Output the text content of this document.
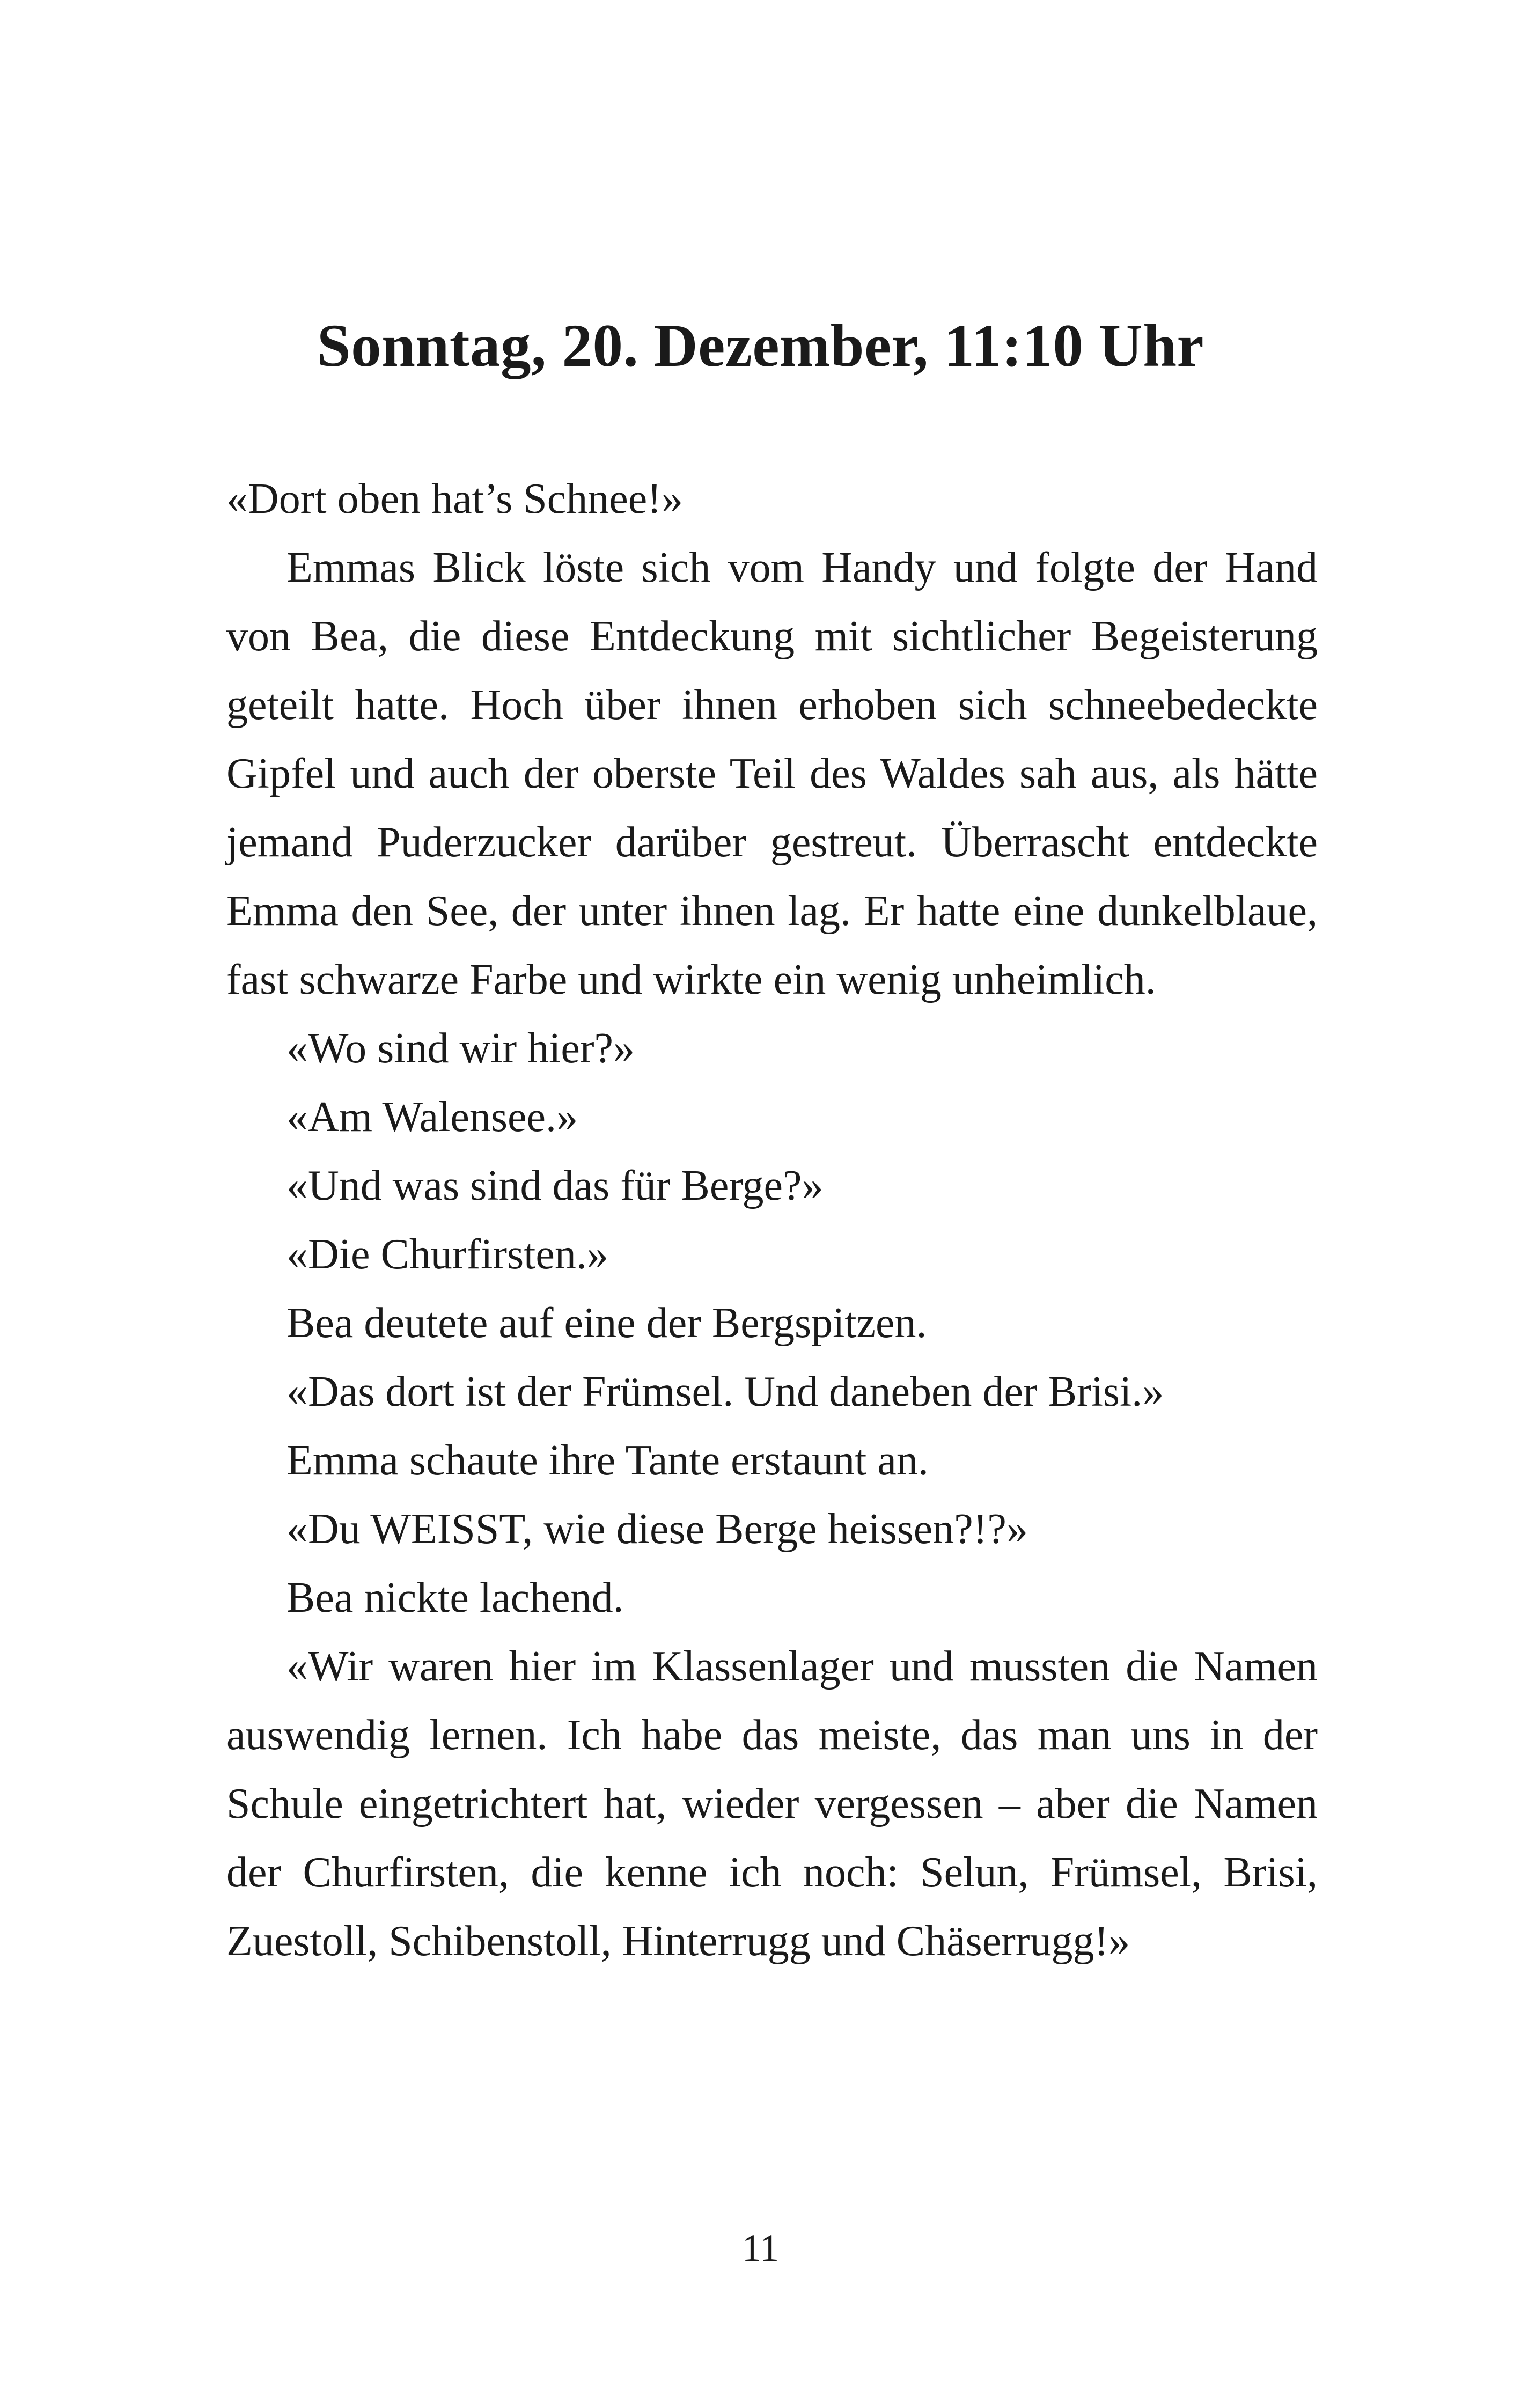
Sonntag, 20. Dezember, 11:10 Uhr

«Dort oben hat’s Schnee!»

Emmas Blick löste sich vom Handy und folgte der Hand von Bea, die diese Entdeckung mit sichtlicher Begeisterung geteilt hatte. Hoch über ihnen erhoben sich schneebedeckte Gipfel und auch der oberste Teil des Waldes sah aus, als hätte jemand Puderzucker darüber gestreut. Überrascht entdeckte Emma den See, der unter ihnen lag. Er hatte eine dunkelblaue, fast schwarze Farbe und wirkte ein wenig unheimlich.

«Wo sind wir hier?»

«Am Walensee.»

«Und was sind das für Berge?»

«Die Churfirsten.»

Bea deutete auf eine der Bergspitzen.

«Das dort ist der Frümsel. Und daneben der Brisi.»

Emma schaute ihre Tante erstaunt an.

«Du WEISST, wie diese Berge heissen?!?»

Bea nickte lachend.

«Wir waren hier im Klassenlager und mussten die Namen auswendig lernen. Ich habe das meiste, das man uns in der Schule eingetrichtert hat, wieder vergessen – aber die Namen der Churfirsten, die kenne ich noch: Selun, Frümsel, Brisi, Zuestoll, Schibenstoll, Hinterrugg und Chäserrugg!»

11
